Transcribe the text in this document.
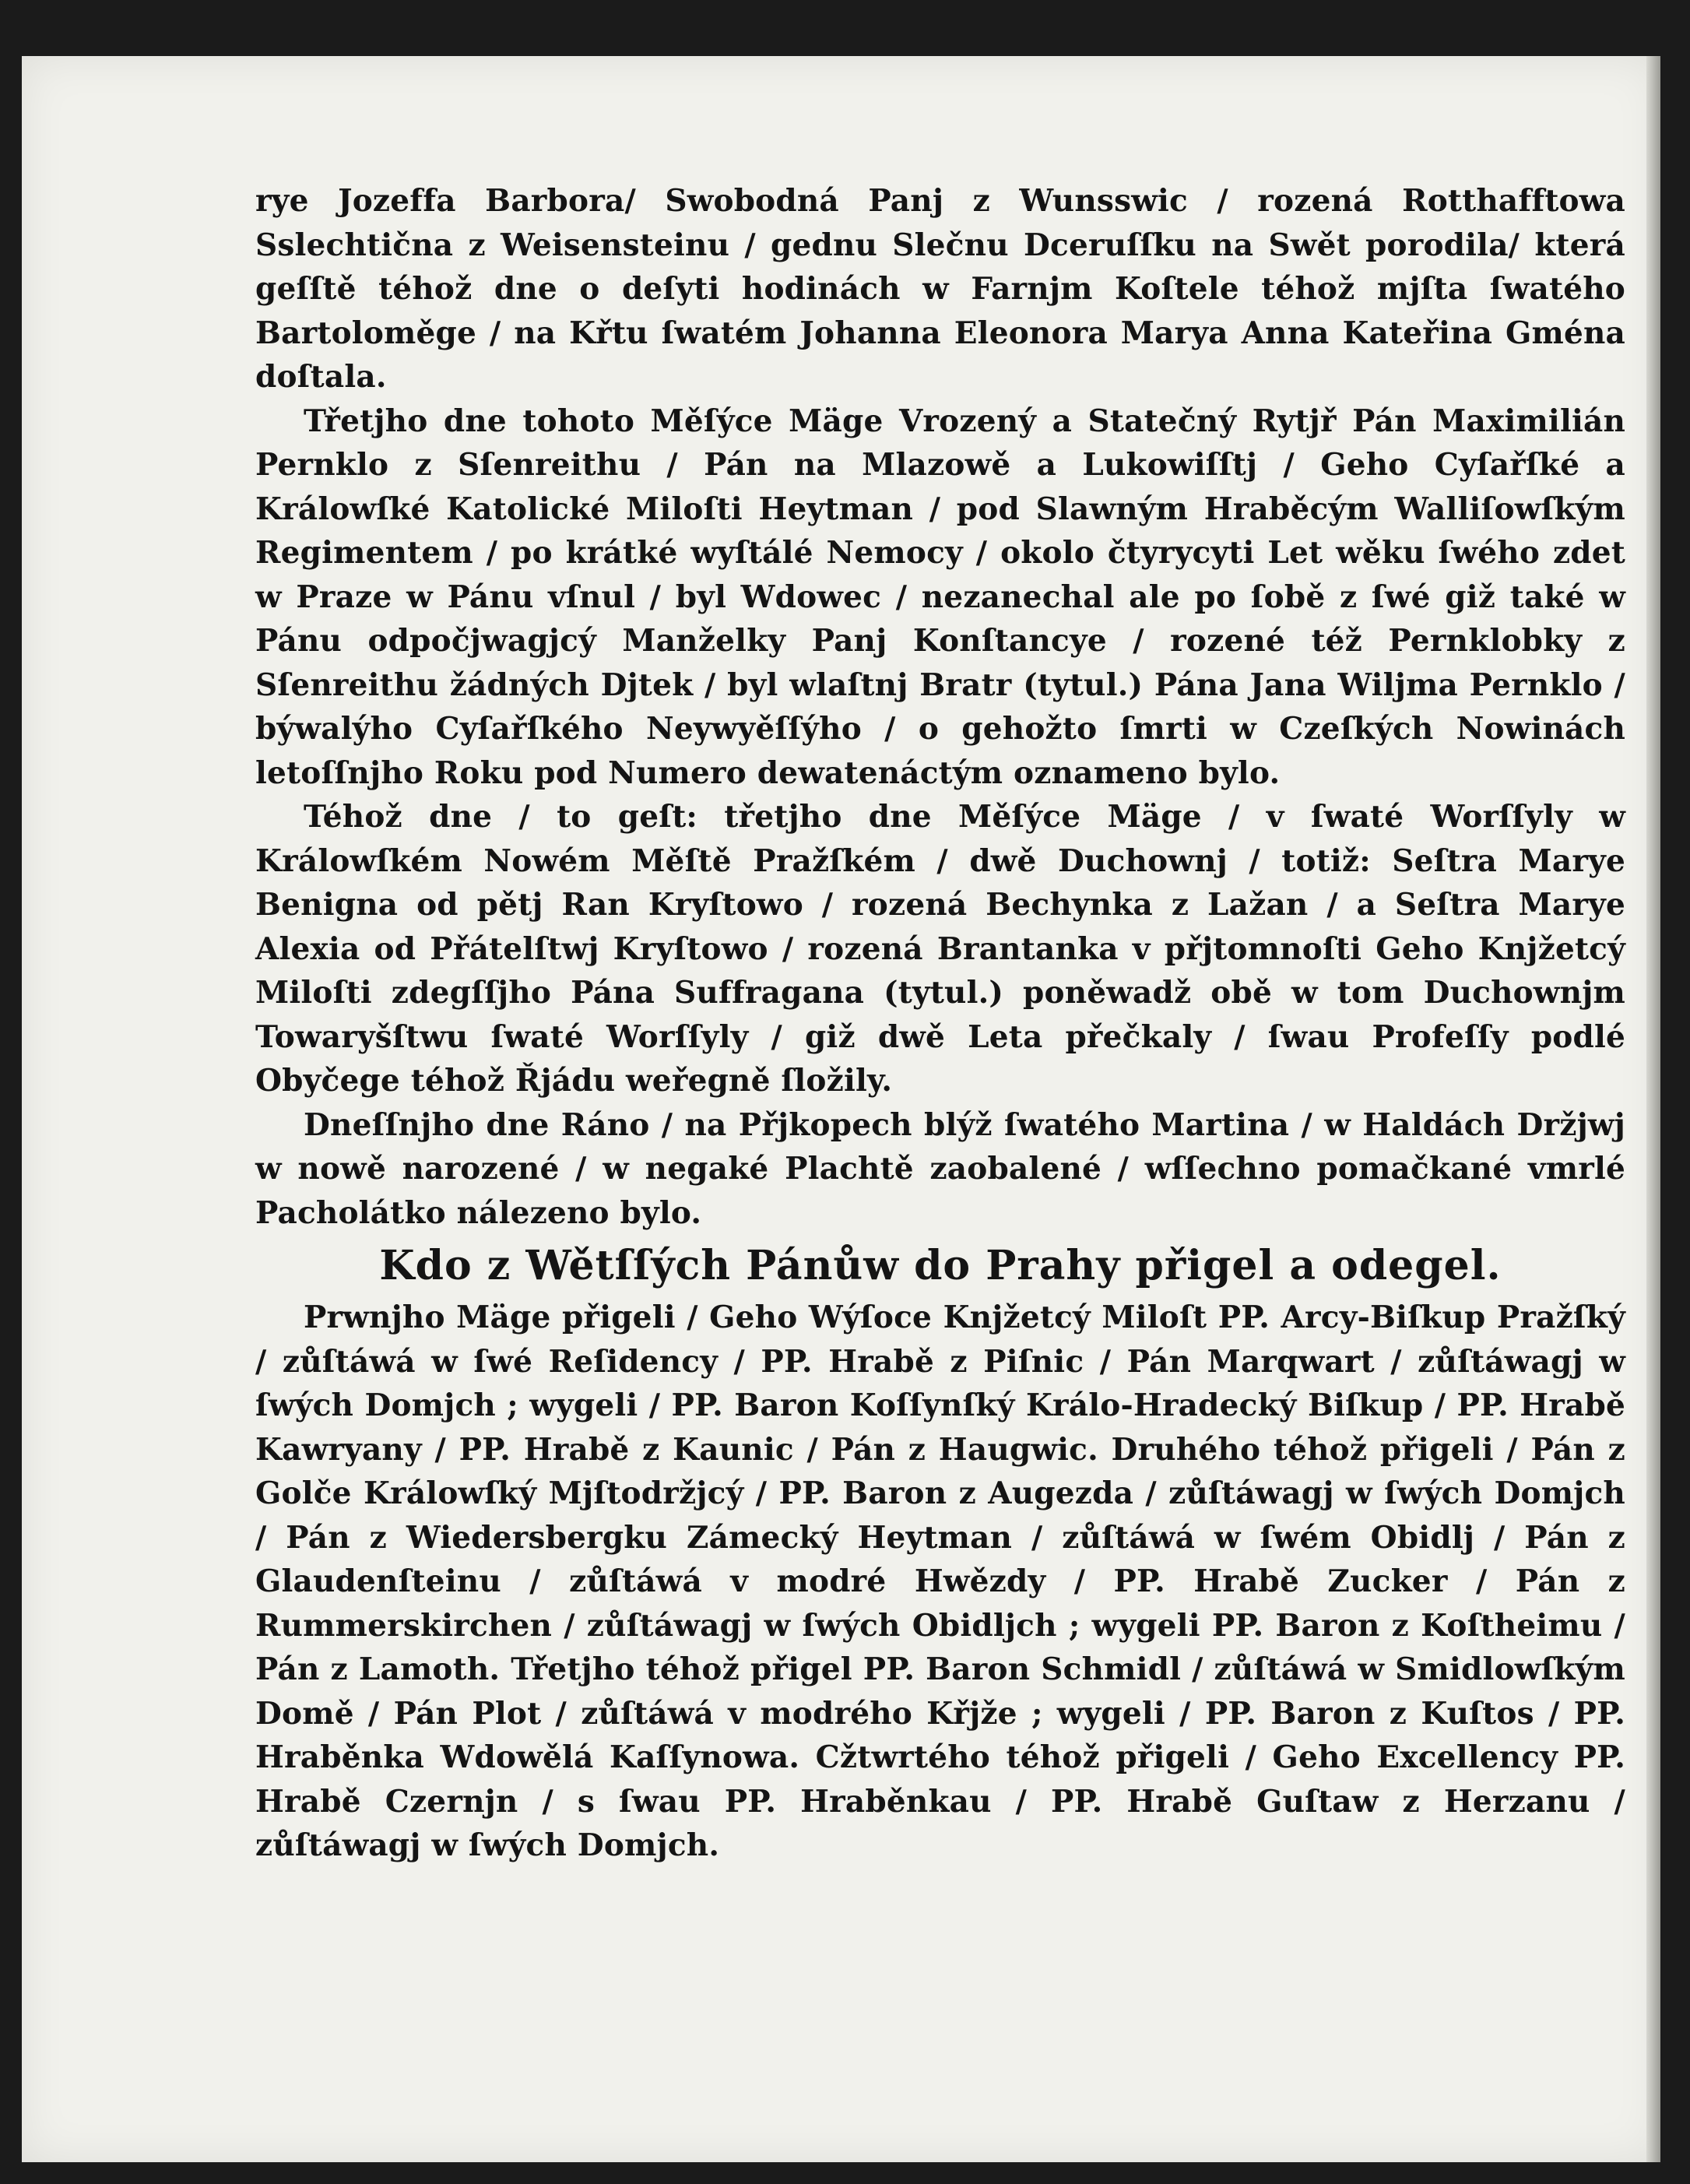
rye Jozeffa Barbora/ Swobodná Panj z Wunsswic / rozená Rotthafftowa Sslechtična z Weisensteinu / gednu Slečnu Dceruſſku na Swět porodila/ která geſſtě téhož dne o deſyti hodinách w Farnjm Koſtele téhož mjſta ſwatého Bartoloměge / na Křtu ſwatém Johanna Eleonora Marya Anna Kateřina Gména doſtala.

Třetjho dne tohoto Měſýce Mäge Vrozený a Statečný Rytjř Pán Maximilián Pernklo z Sſenreithu / Pán na Mlazowě a Lukowiſſtj / Geho Cyſařſké a Králowſké Katolické Miloſti Heytman / pod Slawným Hraběcým Walliſowſkým Regimentem / po krátké wyſtálé Nemocy / okolo čtyrycyti Let wěku ſwého zdet w Praze w Pánu vſnul / byl Wdowec / nezanechal ale po ſobě z ſwé giž také w Pánu odpočjwagjcý Manželky Panj Konſtancye / rozené též Pernklobky z Sſenreithu žádných Djtek / byl wlaſtnj Bratr (tytul.) Pána Jana Wiljma Pernklo / býwalýho Cyſařſkého Neywyěſſýho / o gehožto ſmrti w Czeſkých Nowinách letoſſnjho Roku pod Numero dewatenáctým oznameno bylo.

Téhož dne / to geſt: třetjho dne Měſýce Mäge / v ſwaté Worſſyly w Králowſkém Nowém Měſtě Pražſkém / dwě Duchownj / totiž: Seſtra Marye Benigna od pětj Ran Kryſtowo / rozená Bechynka z Lažan / a Seſtra Marye Alexia od Přátelſtwj Kryſtowo / rozená Brantanka v přjtomnoſti Geho Knjžetcý Miloſti zdegſſjho Pána Suffragana (tytul.) poněwadž obě w tom Duchownjm Towaryšſtwu ſwaté Worſſyly / giž dwě Leta přečkaly / ſwau Profeſſy podlé Obyčege téhož Řjádu weřegně ſložily.

Dneſſnjho dne Ráno / na Přjkopech blýž ſwatého Martina / w Haldách Držjwj w nowě narozené / w negaké Plachtě zaobalené / wſſechno pomačkané vmrlé Pacholátko nálezeno bylo.

Kdo z Wětſſých Pánůw do Prahy přigel a odegel.

Prwnjho Mäge přigeli / Geho Wýſoce Knjžetcý Miloſt PP. Arcy-Biſkup Pražſký / zůſtáwá w ſwé Reſidency / PP. Hrabě z Piſnic / Pán Marqwart / zůſtáwagj w ſwých Domjch ; wygeli / PP. Baron Koſſynſký Králo-Hradecký Biſkup / PP. Hrabě Kawryany / PP. Hrabě z Kaunic / Pán z Haugwic. Druhého téhož přigeli / Pán z Golče Králowſký Mjſtodržjcý / PP. Baron z Augezda / zůſtáwagj w ſwých Domjch / Pán z Wiedersbergku Zámecký Heytman / zůſtáwá w ſwém Obidlj / Pán z Glaudenſteinu / zůſtáwá v modré Hwězdy / PP. Hrabě Zucker / Pán z Rummerskirchen / zůſtáwagj w ſwých Obidljch ; wygeli PP. Baron z Koſtheimu / Pán z Lamoth. Třetjho téhož přigel PP. Baron Schmidl / zůſtáwá w Smidlowſkým Domě / Pán Plot / zůſtáwá v modrého Křjže ; wygeli / PP. Baron z Kuſtos / PP. Hraběnka Wdowělá Kaſſynowa. Cžtwrtého téhož přigeli / Geho Excellency PP. Hrabě Czernjn / s ſwau PP. Hraběnkau / PP. Hrabě Guſtaw z Herzanu / zůſtáwagj w ſwých Domjch.
